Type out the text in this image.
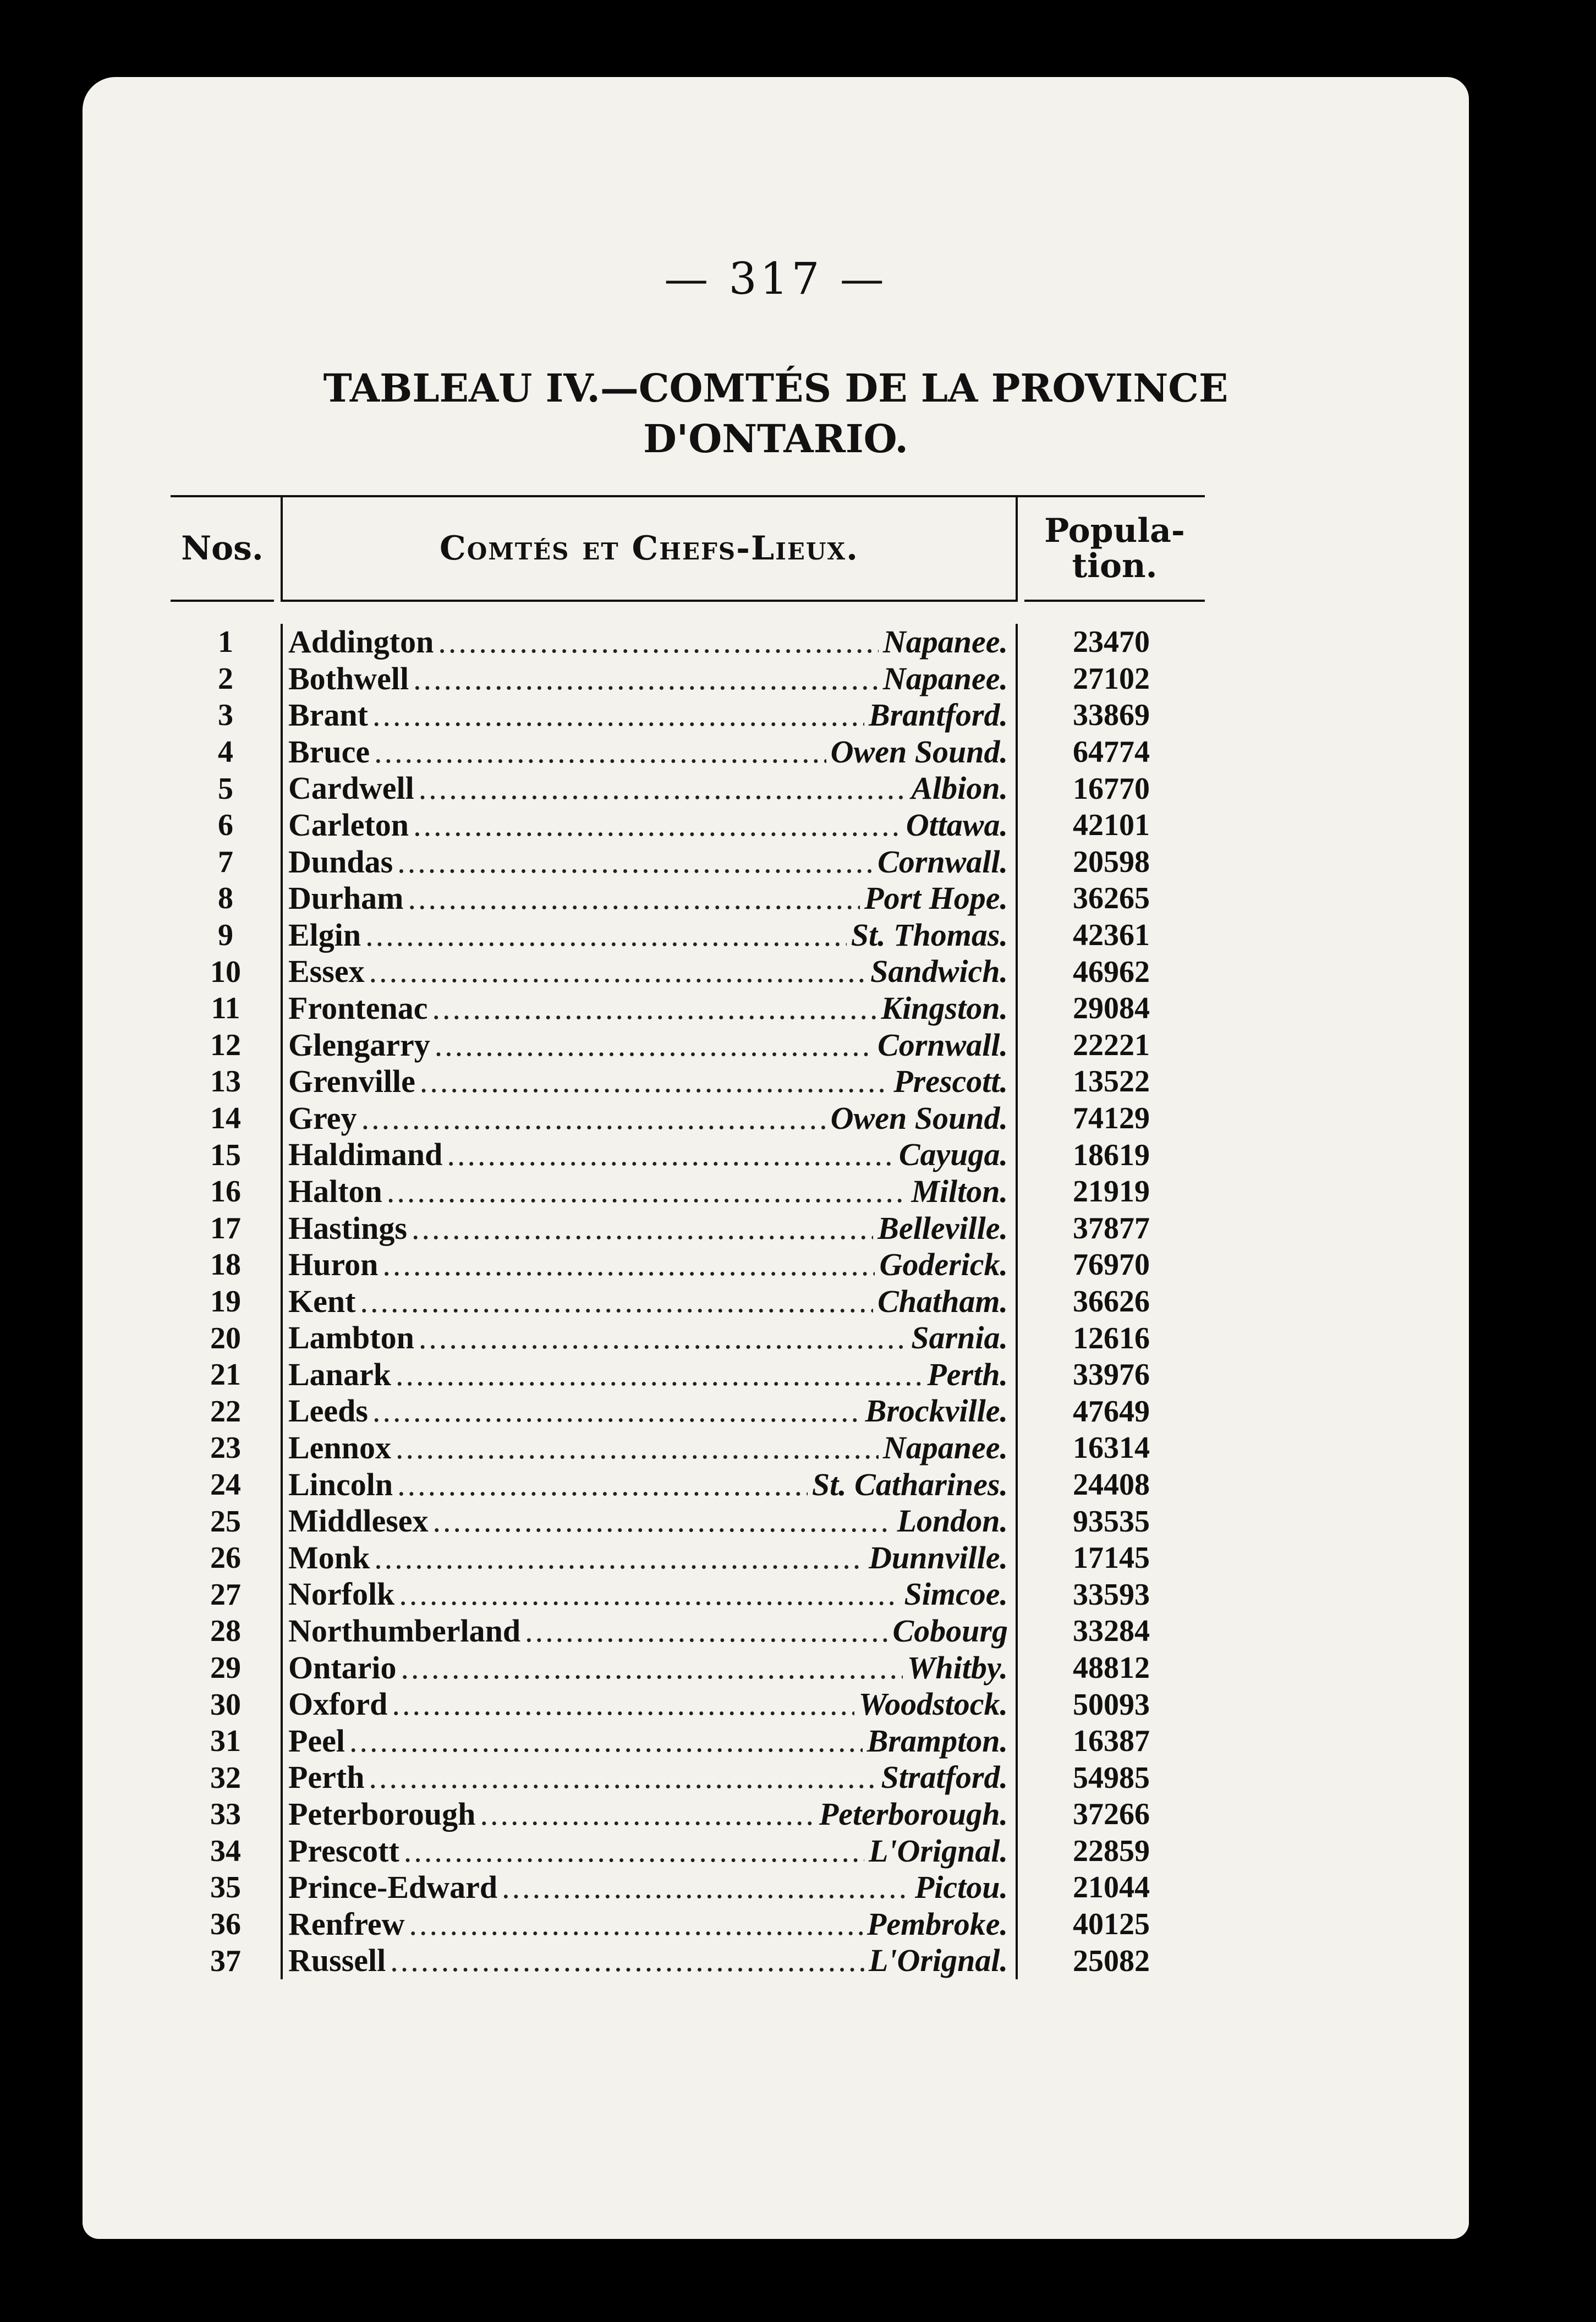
— 317 —
TABLEAU IV.—COMTÉS DE LA PROVINCE
D'ONTARIO.
Nos.	Comtés et Chefs-Lieux.	Popula-
tion.
1	Addington .....	Napanee.	23470
2	Bothwell .....	Napanee.	27102
3	Brant .....	Brantford.	33869
4	Bruce .....	Owen Sound.	64774
5	Cardwell .....	Albion.	16770
6	Carleton .....	Ottawa.	42101
7	Dundas .....	Cornwall.	20598
8	Durham .....	Port Hope.	36265
9	Elgin .....	St. Thomas.	42361
10	Essex .....	Sandwich.	46962
11	Frontenac .....	Kingston.	29084
12	Glengarry .....	Cornwall.	22221
13	Grenville .....	Prescott.	13522
14	Grey .....	Owen Sound.	74129
15	Haldimand .....	Cayuga.	18619
16	Halton .....	Milton.	21919
17	Hastings .....	Belleville.	37877
18	Huron .....	Goderick.	76970
19	Kent .....	Chatham.	36626
20	Lambton .....	Sarnia.	12616
21	Lanark .....	Perth.	33976
22	Leeds .....	Brockville.	47649
23	Lennox .....	Napanee.	16314
24	Lincoln .....	St. Catharines.	24408
25	Middlesex .....	London.	93535
26	Monk .....	Dunnville.	17145
27	Norfolk .....	Simcoe.	33593
28	Northumberland .....	Cobourg	33284
29	Ontario .....	Whitby.	48812
30	Oxford .....	Woodstock.	50093
31	Peel .....	Brampton.	16387
32	Perth .....	Stratford.	54985
33	Peterborough .....	Peterborough.	37266
34	Prescott .....	L'Orignal.	22859
35	Prince-Edward .....	Pictou.	21044
36	Renfrew .....	Pembroke.	40125
37	Russell .....	L'Orignal.	25082
